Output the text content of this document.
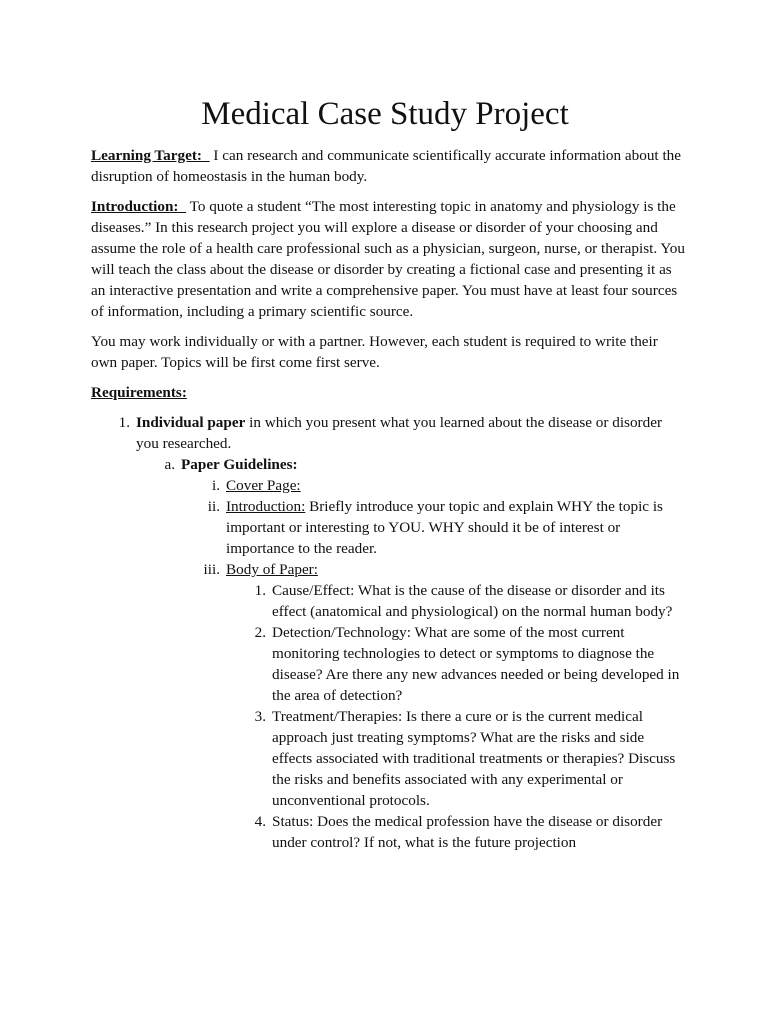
Medical Case Study Project

Learning Target: I can research and communicate scientifically accurate information about the disruption of homeostasis in the human body.

Introduction: To quote a student “The most interesting topic in anatomy and physiology is the diseases.” In this research project you will explore a disease or disorder of your choosing and assume the role of a health care professional such as a physician, surgeon, nurse, or therapist. You will teach the class about the disease or disorder by creating a fictional case and presenting it as an interactive presentation and write a comprehensive paper. You must have at least four sources of information, including a primary scientific source.

You may work individually or with a partner. However, each student is required to write their own paper. Topics will be first come first serve.

Requirements:

1. Individual paper in which you present what you learned about the disease or disorder you researched.
a. Paper Guidelines:
i. Cover Page:
ii. Introduction: Briefly introduce your topic and explain WHY the topic is important or interesting to YOU. WHY should it be of interest or importance to the reader.
iii. Body of Paper:
1. Cause/Effect: What is the cause of the disease or disorder and its effect (anatomical and physiological) on the normal human body?
2. Detection/Technology: What are some of the most current monitoring technologies to detect or symptoms to diagnose the disease? Are there any new advances needed or being developed in the area of detection?
3. Treatment/Therapies: Is there a cure or is the current medical approach just treating symptoms? What are the risks and side effects associated with traditional treatments or therapies? Discuss the risks and benefits associated with any experimental or unconventional protocols.
4. Status: Does the medical profession have the disease or disorder under control? If not, what is the future projection
